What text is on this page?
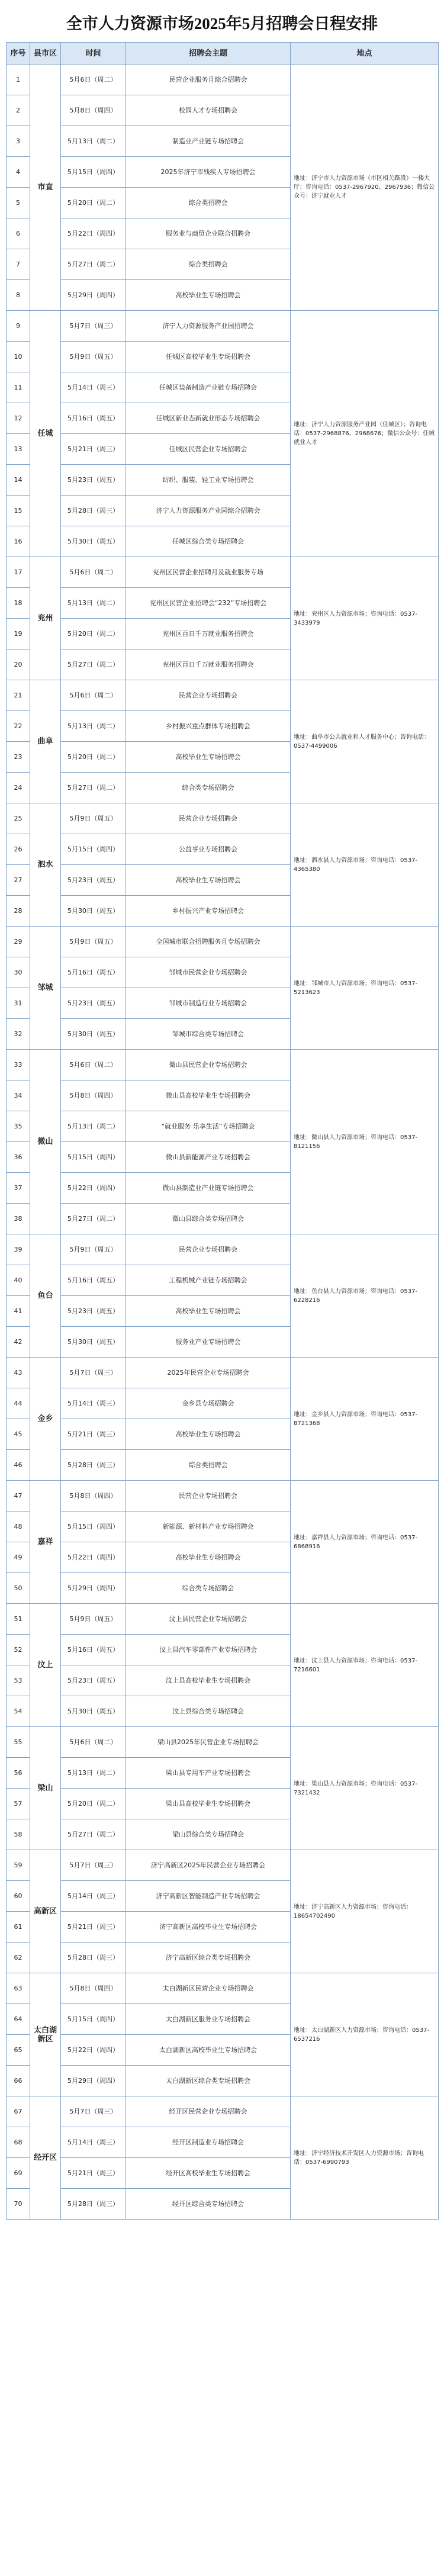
全市人力资源市场2025年5月招聘会日程安排
序号	县市区	时间	招聘会主题	地点
1	市直	5月6日（周二）	民营企业服务月综合招聘会	地址：济宁市人力资源市场（市区相关路段）一楼大厅；咨询电话：0537-2967920、2967936；微信公众号：济宁就业人才
2		5月8日（周四）	校园人才专场招聘会	
3		5月13日（周二）	制造业产业链专场招聘会	
4		5月15日（周四）	2025年济宁市残疾人专场招聘会	
5		5月20日（周二）	综合类招聘会	
6		5月22日（周四）	服务业与商贸企业联合招聘会	
7		5月27日（周二）	综合类招聘会	
8		5月29日（周四）	高校毕业生专场招聘会	
9	任城	5月7日（周三）	济宁人力资源服务产业园招聘会	地址：济宁人力资源服务产业园（任城区）；咨询电话：0537-2968876、2968676；微信公众号：任城就业人才
10		5月9日（周五）	任城区高校毕业生专场招聘会	
11		5月14日（周三）	任城区装备制造产业链专场招聘会	
12		5月16日（周五）	任城区新业态新就业形态专场招聘会	
13		5月21日（周三）	任城区民营企业专场招聘会	
14		5月23日（周五）	纺织、服装、轻工业专场招聘会	
15		5月28日（周三）	济宁人力资源服务产业园综合招聘会	
16		5月30日（周五）	任城区综合类专场招聘会	
17	兖州	5月6日（周二）	兖州区民营企业招聘月及就业服务专场	地址：兖州区人力资源市场；咨询电话：0537-3433979
18		5月13日（周二）	兖州区民营企业招聘会“232”专场招聘会	
19		5月20日（周二）	兖州区百日千万就业服务招聘会	
20		5月27日（周二）	兖州区百日千万就业服务招聘会	
21	曲阜	5月6日（周二）	民营企业专场招聘会	地址：曲阜市公共就业和人才服务中心；咨询电话：0537-4499006
22		5月13日（周二）	乡村振兴重点群体专场招聘会	
23		5月20日（周二）	高校毕业生专场招聘会	
24		5月27日（周二）	综合类专场招聘会	
25	泗水	5月9日（周五）	民营企业专场招聘会	地址：泗水县人力资源市场；咨询电话：0537-4365380
26		5月15日（周四）	公益事业专场招聘会	
27		5月23日（周五）	高校毕业生专场招聘会	
28		5月30日（周五）	乡村振兴产业专场招聘会	
29	邹城	5月9日（周五）	全国城市联合招聘服务月专场招聘会	地址：邹城市人力资源市场；咨询电话：0537-5213623
30		5月16日（周五）	邹城市民营企业专场招聘会	
31		5月23日（周五）	邹城市制造行业专场招聘会	
32		5月30日（周五）	邹城市综合类专场招聘会	
33	微山	5月6日（周二）	微山县民营企业专场招聘会	地址：微山县人力资源市场；咨询电话：0537-8121156
34		5月8日（周四）	微山县高校毕业生专场招聘会	
35		5月13日（周二）	“就业服务 乐享生活”专场招聘会	
36		5月15日（周四）	微山县新能源产业专场招聘会	
37		5月22日（周四）	微山县制造业产业链专场招聘会	
38		5月27日（周二）	微山县综合类专场招聘会	
39	鱼台	5月9日（周五）	民营企业专场招聘会	地址：鱼台县人力资源市场；咨询电话：0537-6228216
40		5月16日（周五）	工程机械产业链专场招聘会	
41		5月23日（周五）	高校毕业生专场招聘会	
42		5月30日（周五）	服务业产业专场招聘会	
43	金乡	5月7日（周三）	2025年民营企业专场招聘会	地址：金乡县人力资源市场；咨询电话：0537-8721368
44		5月14日（周三）	金乡县专场招聘会	
45		5月21日（周三）	高校毕业生专场招聘会	
46		5月28日（周三）	综合类招聘会	
47	嘉祥	5月8日（周四）	民营企业专场招聘会	地址：嘉祥县人力资源市场；咨询电话：0537-6868916
48		5月15日（周四）	新能源、新材料产业专场招聘会	
49		5月22日（周四）	高校毕业生专场招聘会	
50		5月29日（周四）	综合类专场招聘会	
51	汶上	5月9日（周五）	汶上县民营企业专场招聘会	地址：汶上县人力资源市场；咨询电话：0537-7216601
52		5月16日（周五）	汶上县汽车零部件产业专场招聘会	
53		5月23日（周五）	汶上县高校毕业生专场招聘会	
54		5月30日（周五）	汶上县综合类专场招聘会	
55	梁山	5月6日（周二）	梁山县2025年民营企业专场招聘会	地址：梁山县人力资源市场；咨询电话：0537-7321432
56		5月13日（周二）	梁山县专用车产业专场招聘会	
57		5月20日（周二）	梁山县高校毕业生专场招聘会	
58		5月27日（周二）	梁山县综合类专场招聘会	
59	高新区	5月7日（周三）	济宁高新区2025年民营企业专场招聘会	地址：济宁高新区人力资源市场；咨询电话：18654702490
60		5月14日（周三）	济宁高新区智能制造产业专场招聘会	
61		5月21日（周三）	济宁高新区高校毕业生专场招聘会	
62		5月28日（周三）	济宁高新区综合类专场招聘会	
63	太白湖新区	5月8日（周四）	太白湖新区民营企业专场招聘会	地址：太白湖新区人力资源市场；咨询电话：0537-6537216
64		5月15日（周四）	太白湖新区服务业专场招聘会	
65		5月22日（周四）	太白湖新区高校毕业生专场招聘会	
66		5月29日（周四）	太白湖新区综合类专场招聘会	
67	经开区	5月7日（周三）	经开区民营企业专场招聘会	地址：济宁经济技术开发区人力资源市场；咨询电话：0537-6990793
68		5月14日（周三）	经开区制造业专场招聘会	
69		5月21日（周三）	经开区高校毕业生专场招聘会	
70		5月28日（周三）	经开区综合类专场招聘会	
